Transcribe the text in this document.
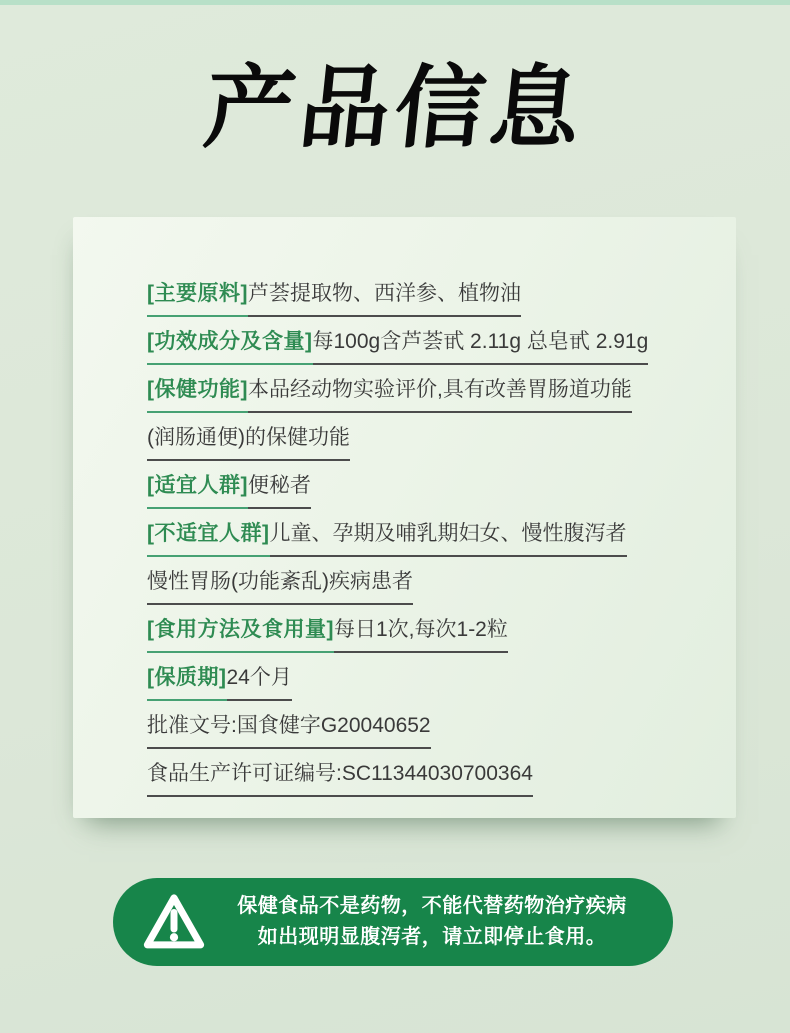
产品信息
[主要原料]芦荟提取物、西洋参、植物油
[功效成分及含量]每100g含芦荟甙 2.11g 总皂甙 2.91g
[保健功能]本品经动物实验评价,具有改善胃肠道功能
(润肠通便)的保健功能
[适宜人群]便秘者
[不适宜人群]儿童、孕期及哺乳期妇女、慢性腹泻者
慢性胃肠(功能紊乱)疾病患者
[食用方法及食用量]每日1次,每次1-2粒
[保质期]24个月
批准文号:国食健字G20040652
食品生产许可证编号:SC11344030700364
保健食品不是药物，不能代替药物治疗疾病
如出现明显腹泻者，请立即停止食用。
